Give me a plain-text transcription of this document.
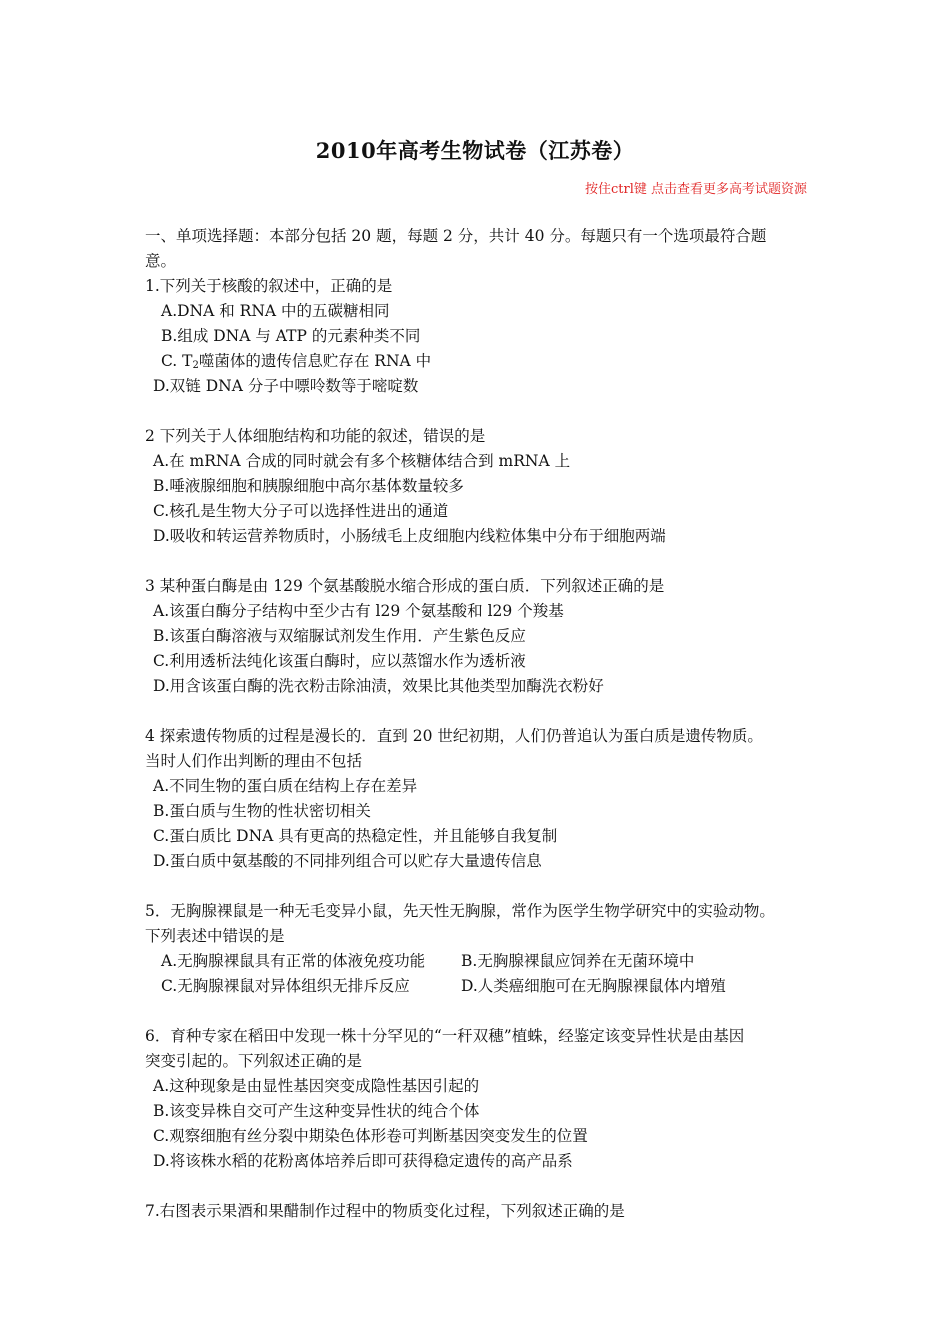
2010年高考生物试卷（江苏卷）
按住ctrl键 点击查看更多高考试题资源
一、单项选择题：本部分包括 20 题，每题 2 分，共计 40 分。每题只有一个选项最符合题
意。
1.下列关于核酸的叙述中，正确的是
A.DNA 和 RNA 中的五碳糖相同
B.组成 DNA 与 ATP 的元素种类不同
C. $T_2$噬菌体的遗传信息贮存在 RNA 中
D.双链 DNA 分子中嘌呤数等于嘧啶数
2 下列关于人体细胞结构和功能的叙述，错误的是
A.在 mRNA 合成的同时就会有多个核糖体结合到 mRNA 上
B.唾液腺细胞和胰腺细胞中高尔基体数量较多
C.核孔是生物大分子可以选择性进出的通道
D.吸收和转运营养物质时，小肠绒毛上皮细胞内线粒体集中分布于细胞两端
3 某种蛋白酶是由 129 个氨基酸脱水缩合形成的蛋白质．下列叙述正确的是
A.该蛋白酶分子结构中至少古有 l29 个氨基酸和 l29 个羧基
B.该蛋白酶溶液与双缩脲试剂发生作用．产生紫色反应
C.利用透析法纯化该蛋白酶时，应以蒸馏水作为透析液
D.用含该蛋白酶的洗衣粉击除油渍，效果比其他类型加酶洗衣粉好
4 探索遗传物质的过程是漫长的．直到 20 世纪初期，人们仍普追认为蛋白质是遗传物质。
当时人们作出判断的理由不包括
A.不同生物的蛋白质在结构上存在差异
B.蛋白质与生物的性状密切相关
C.蛋白质比 DNA 具有更高的热稳定性，并且能够自我复制
D.蛋白质中氨基酸的不同排列组合可以贮存大量遗传信息
5．无胸腺裸鼠是一种无毛变异小鼠，先天性无胸腺，常作为医学生物学研究中的实验动物。
下列表述中错误的是
A.无胸腺裸鼠具有正常的体液免疫功能	B.无胸腺裸鼠应饲养在无菌环境中
C.无胸腺裸鼠对异体组织无排斥反应	D.人类癌细胞可在无胸腺裸鼠体内增殖
6．育种专家在稻田中发现一株十分罕见的“一秆双穗”植蛛，经鉴定该变异性状是由基因
突变引起的。下列叙述正确的是
A.这种现象是由显性基因突变成隐性基因引起的
B.该变异株自交可产生这种变异性状的纯合个体
C.观察细胞有丝分裂中期染色体形卷可判断基因突变发生的位置
D.将该株水稻的花粉离体培养后即可获得稳定遗传的高产品系
7.右图表示果酒和果醋制作过程中的物质变化过程，下列叙述正确的是
